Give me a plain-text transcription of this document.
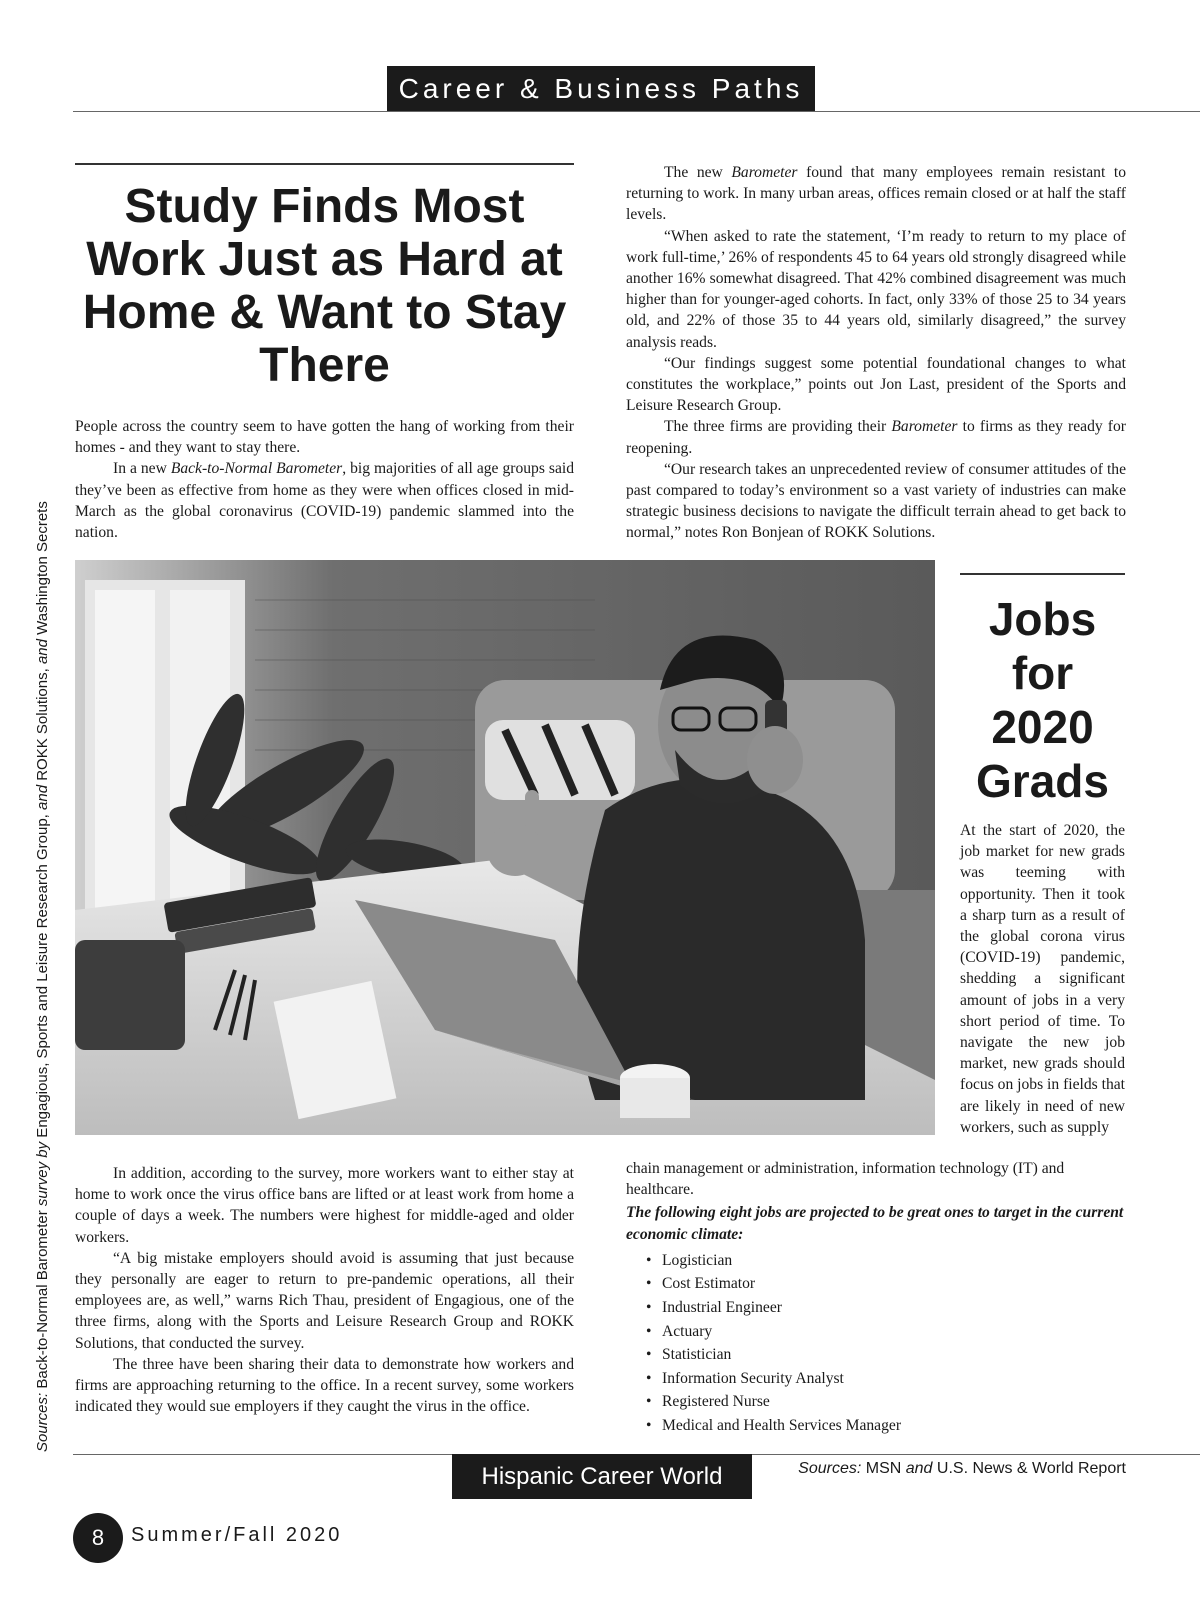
Career & Business Paths
Study Finds Most Work Just as Hard at Home & Want to Stay There

People across the country seem to have gotten the hang of working from their homes - and they want to stay there.

In a new Back-to-Normal Barometer, big majorities of all age groups said they’ve been as effective from home as they were when offices closed in mid-March as the global coronavirus (COVID-19) pandemic slammed into the nation.

The new Barometer found that many employees remain resistant to returning to work. In many urban areas, offices remain closed or at half the staff levels.

“When asked to rate the statement, ‘I’m ready to return to my place of work full-time,’ 26% of respondents 45 to 64 years old strongly disagreed while another 16% somewhat disagreed. That 42% combined disagreement was much higher than for younger-aged cohorts. In fact, only 33% of those 25 to 34 years old, and 22% of those 35 to 44 years old, similarly disagreed,” the survey analysis reads.

“Our findings suggest some potential foundational changes to what constitutes the workplace,” points out Jon Last, president of the Sports and Leisure Research Group.

The three firms are providing their Barometer to firms as they ready for reopening.

“Our research takes an unprecedented review of consumer attitudes of the past compared to today’s environment so a vast variety of industries can make strategic business decisions to navigate the difficult terrain ahead to get back to normal,” notes Ron Bonjean of ROKK Solutions.

Jobs for 2020 Grads
At the start of 2020, the job market for new grads was teeming with opportunity. Then it took a sharp turn as a result of the global corona virus (COVID-19) pandemic, shedding a significant amount of jobs in a very short period of time. To navigate the new job market, new grads should focus on jobs in fields that are likely in need of new workers, such as supply

chain management or administration, information technology (IT) and healthcare.

The following eight jobs are projected to be great ones to target in the current economic climate:

• Logistician
• Cost Estimator
• Industrial Engineer
• Actuary
• Statistician
• Information Security Analyst
• Registered Nurse
• Medical and Health Services Manager

In addition, according to the survey, more workers want to either stay at home to work once the virus office bans are lifted or at least work from home a couple of days a week. The numbers were highest for middle-aged and older workers.

“A big mistake employers should avoid is assuming that just because they personally are eager to return to pre-pandemic operations, all their employees are, as well,” warns Rich Thau, president of Engagious, one of the three firms, along with the Sports and Leisure Research Group and ROKK Solutions, that conducted the survey.

The three have been sharing their data to demonstrate how workers and firms are approaching returning to the office. In a recent survey, some workers indicated they would sue employers if they caught the virus in the office.

Hispanic Career World	Sources: MSN and U.S. News & World Report
8	Summer/Fall 2020
Sources: Back-to-Normal Barometer survey by Engagious, Sports and Leisure Research Group, and ROKK Solutions, and Washington Secrets
